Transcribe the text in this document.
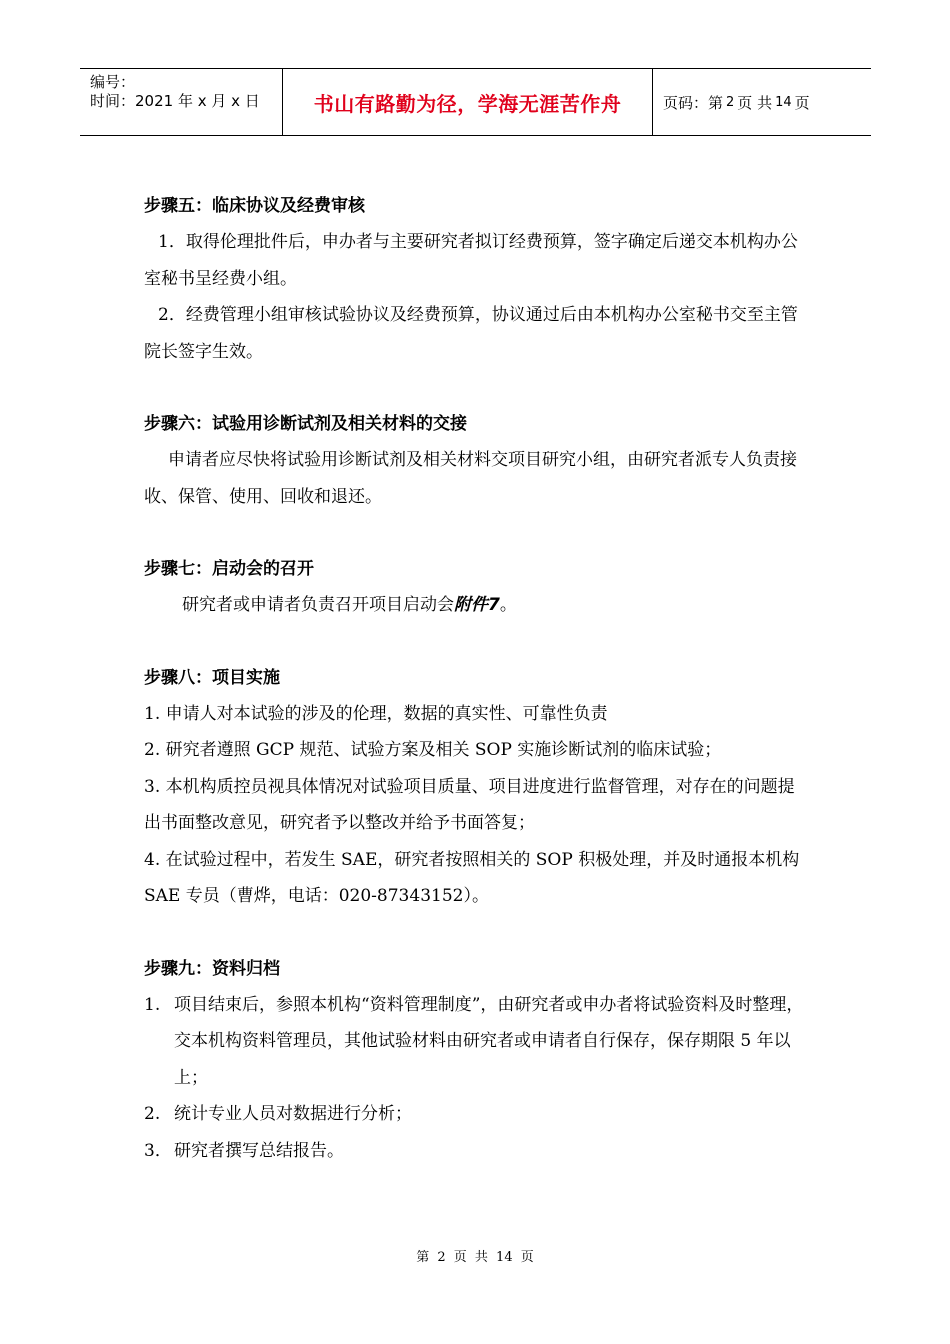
编号：
时间：2021 年 x 月 x 日	书山有路勤为径，学海无涯苦作舟	页码：第 2 页 共 14 页

步骤五：临床协议及经费审核

1．取得伦理批件后，申办者与主要研究者拟订经费预算，签字确定后递交本机构办公室秘书呈经费小组。

2．经费管理小组审核试验协议及经费预算，协议通过后由本机构办公室秘书交至主管院长签字生效。

步骤六：试验用诊断试剂及相关材料的交接

申请者应尽快将试验用诊断试剂及相关材料交项目研究小组，由研究者派专人负责接收、保管、使用、回收和退还。

步骤七：启动会的召开

研究者或申请者负责召开项目启动会附件7。

步骤八：项目实施

1. 申请人对本试验的涉及的伦理，数据的真实性、可靠性负责

2. 研究者遵照 GCP 规范、试验方案及相关 SOP 实施诊断试剂的临床试验；

3. 本机构质控员视具体情况对试验项目质量、项目进度进行监督管理，对存在的问题提出书面整改意见，研究者予以整改并给予书面答复；

4. 在试验过程中，若发生 SAE，研究者按照相关的 SOP 积极处理，并及时通报本机构 SAE 专员（曹烨，电话：020-87343152）。

步骤九：资料归档

1. 项目结束后，参照本机构“资料管理制度”，由研究者或申办者将试验资料及时整理，交本机构资料管理员，其他试验材料由研究者或申请者自行保存，保存期限 5 年以上；

2. 统计专业人员对数据进行分析；

3． 研究者撰写总结报告。

第 2 页 共 14 页
